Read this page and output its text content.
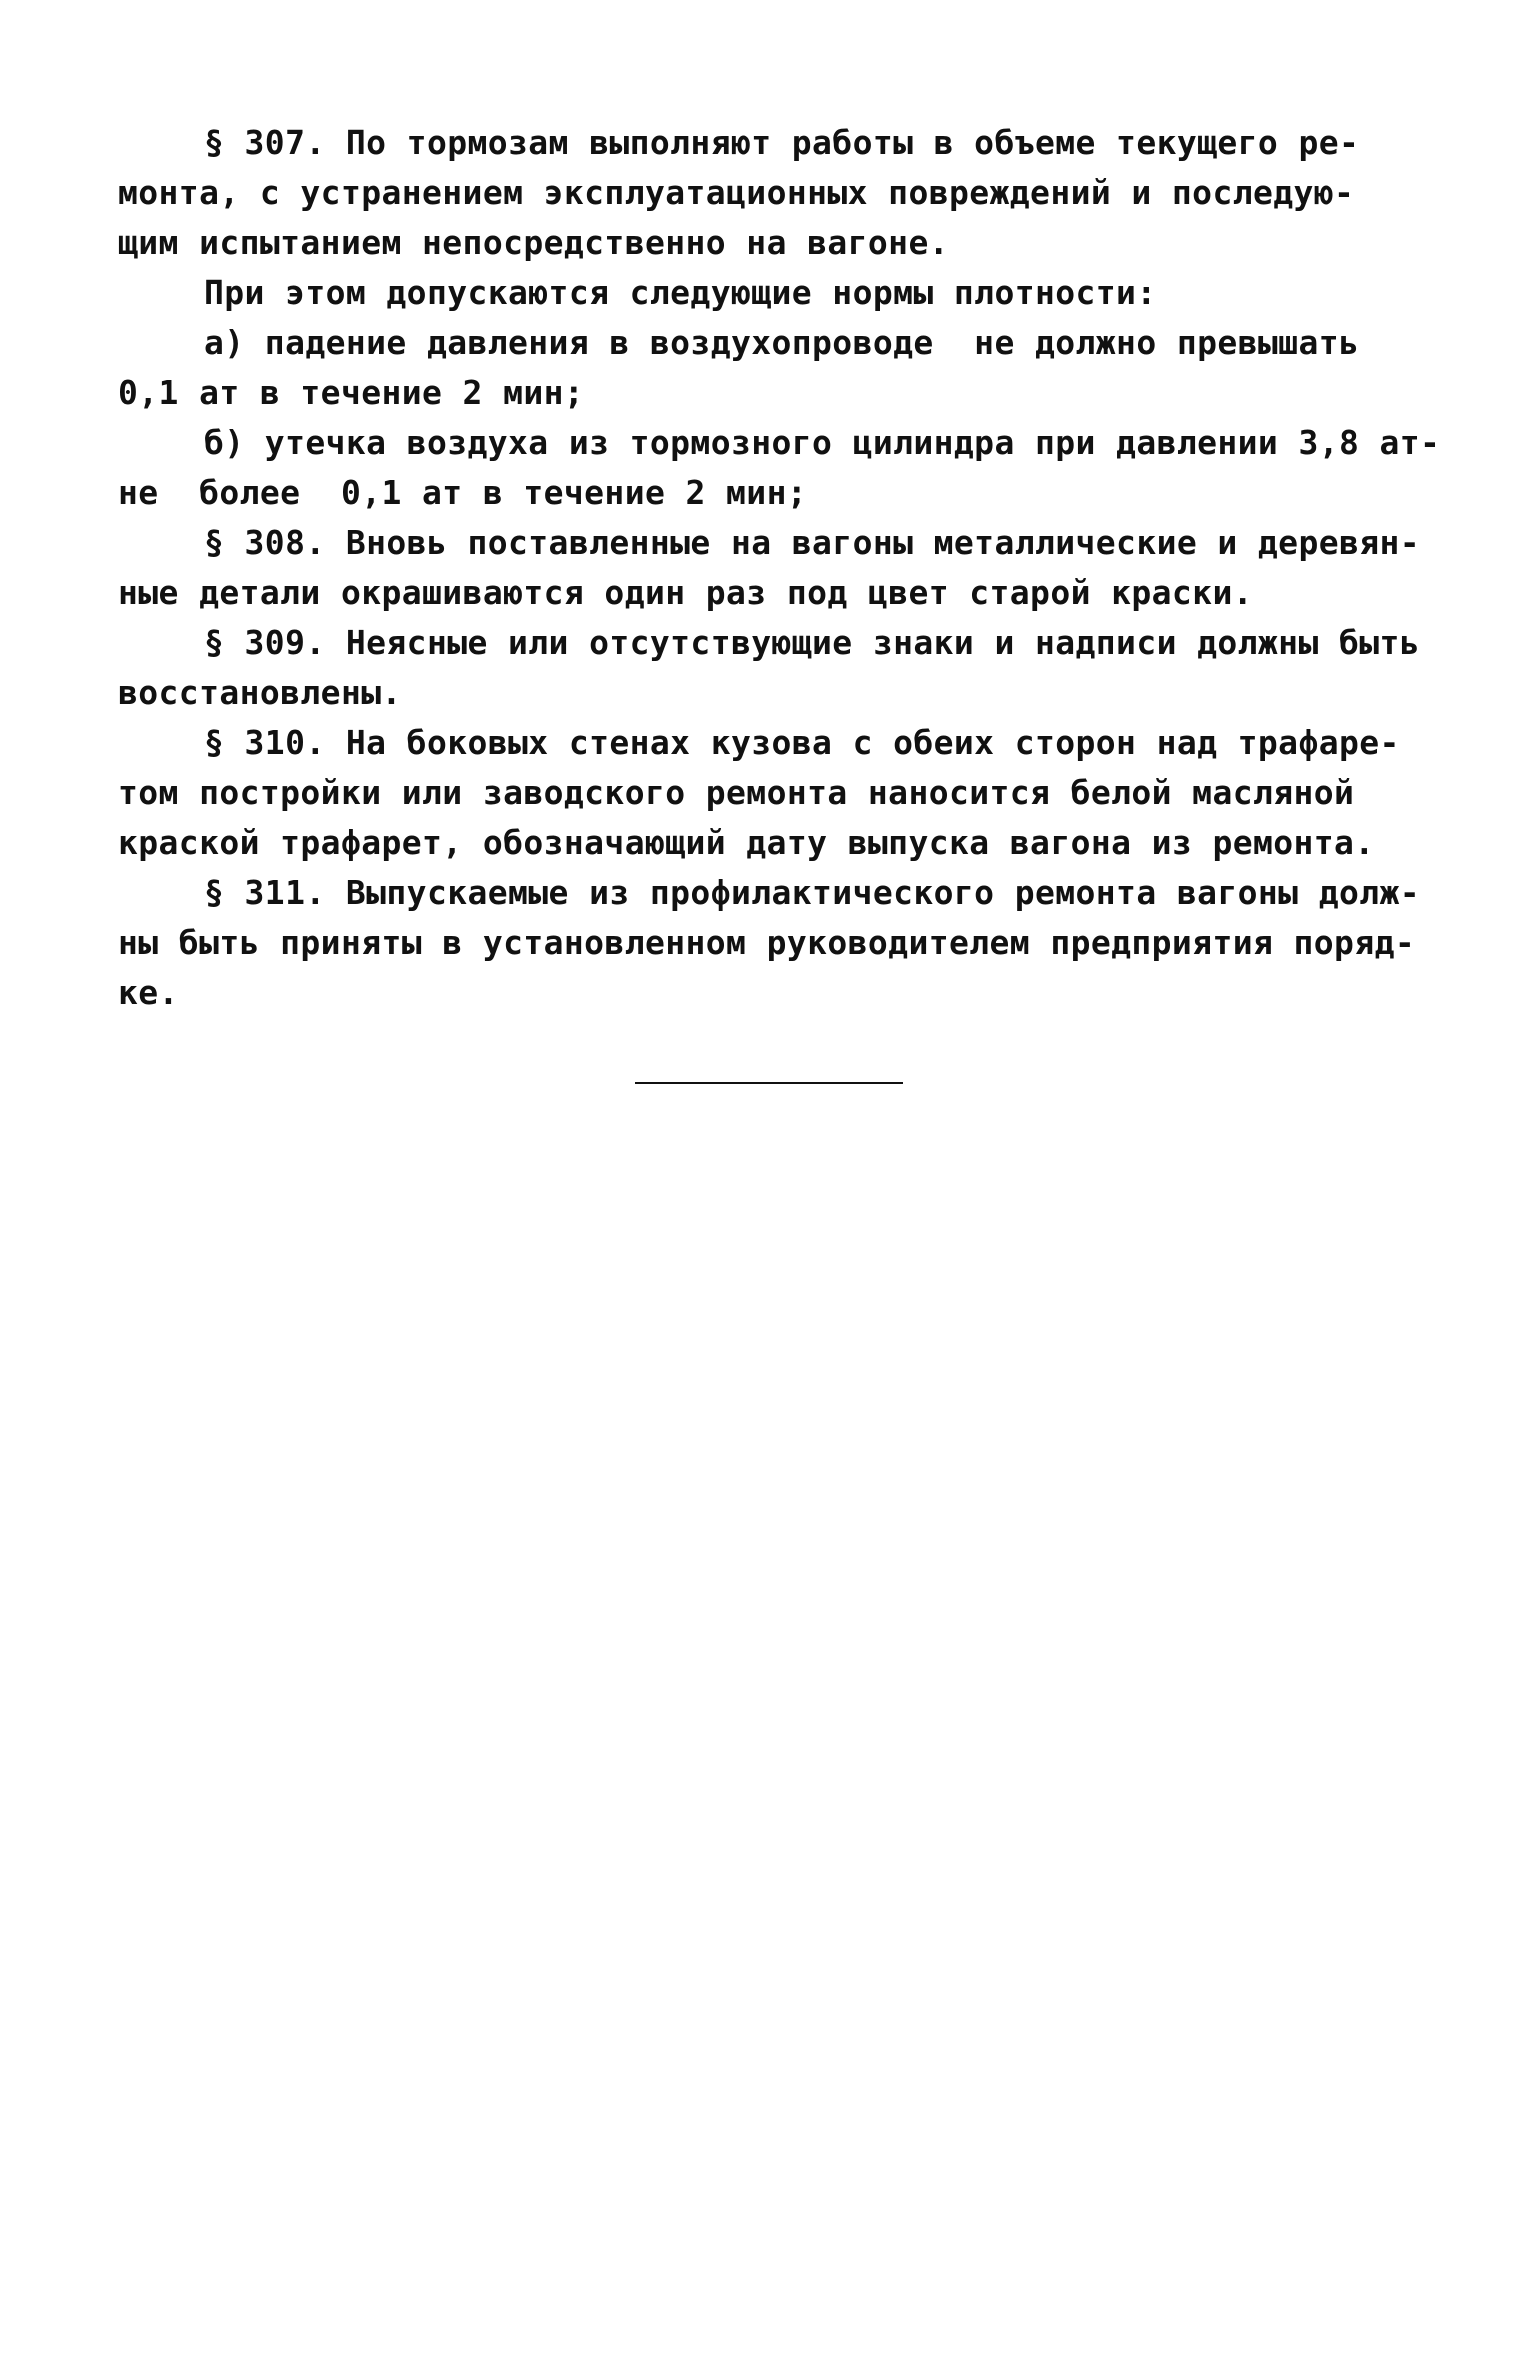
§ 307. По тормозам выполняют работы в объеме текущего ре-
монта, с устранением эксплуатационных повреждений и последую-
щим испытанием непосредственно на вагоне.
При этом допускаются следующие нормы плотности:
а) падение давления в воздухопроводе  не должно превышать
0,1 ат в течение 2 мин;
б) утечка воздуха из тормозного цилиндра при давлении 3,8 ат-
не  более  0,1 ат в течение 2 мин;
§ 308. Вновь поставленные на вагоны металлические и деревян-
ные детали окрашиваются один раз под цвет старой краски.
§ 309. Неясные или отсутствующие знаки и надписи должны быть
восстановлены.
§ 310. На боковых стенах кузова с обеих сторон над трафаре-
том постройки или заводского ремонта наносится белой масляной
краской трафарет, обозначающий дату выпуска вагона из ремонта.
§ 311. Выпускаемые из профилактического ремонта вагоны долж-
ны быть приняты в установленном руководителем предприятия поряд-
ке.
